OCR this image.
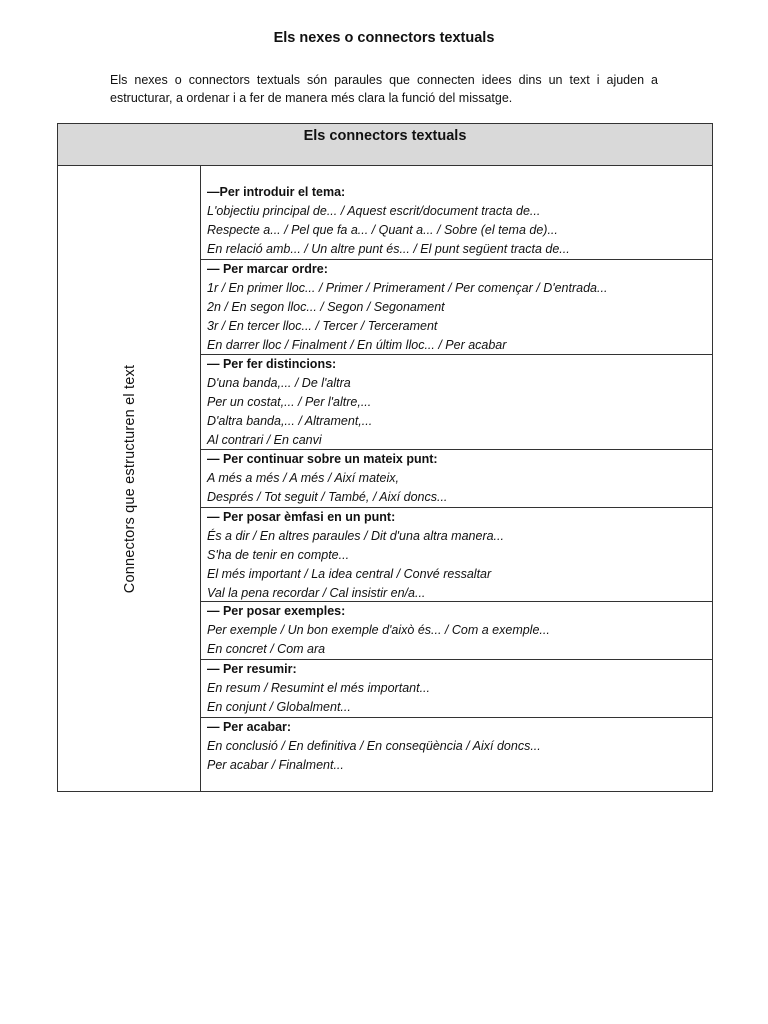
Els nexes o connectors textuals
Els nexes o connectors textuals són paraules que connecten idees dins un text i ajuden a estructurar, a ordenar i a fer de manera més clara la funció del missatge.
Els connectors textuals
Connectors que estructuren el text
—Per introduir el tema:
L'objectiu principal de... / Aquest escrit/document tracta de...
Respecte a... / Pel que fa a... / Quant a... / Sobre (el tema de)...
En relació amb... / Un altre punt és... / El punt següent tracta de...
— Per marcar ordre:
1r / En primer lloc... / Primer / Primerament / Per començar / D'entrada...
2n / En segon lloc... / Segon / Segonament
3r / En tercer lloc... / Tercer / Tercerament
En darrer lloc / Finalment / En últim lloc... / Per acabar
— Per fer distincions:
D'una banda,... / De l'altra
Per un costat,... / Per l'altre,...
D'altra banda,... / Altrament,...
Al contrari / En canvi
— Per continuar sobre un mateix punt:
A més a més / A més / Així mateix,
Després / Tot seguit / També, / Així doncs...
— Per posar èmfasi en un punt:
És a dir / En altres paraules / Dit d'una altra manera...
S'ha de tenir en compte...
El més important / La idea central / Convé ressaltar
Val la pena recordar / Cal insistir en/a...
— Per posar exemples:
Per exemple / Un bon exemple d'això és... / Com a exemple...
En concret / Com ara
— Per resumir:
En resum / Resumint el més important...
En conjunt / Globalment...
— Per acabar:
En conclusió / En definitiva / En conseqüència / Així doncs...
Per acabar / Finalment...
